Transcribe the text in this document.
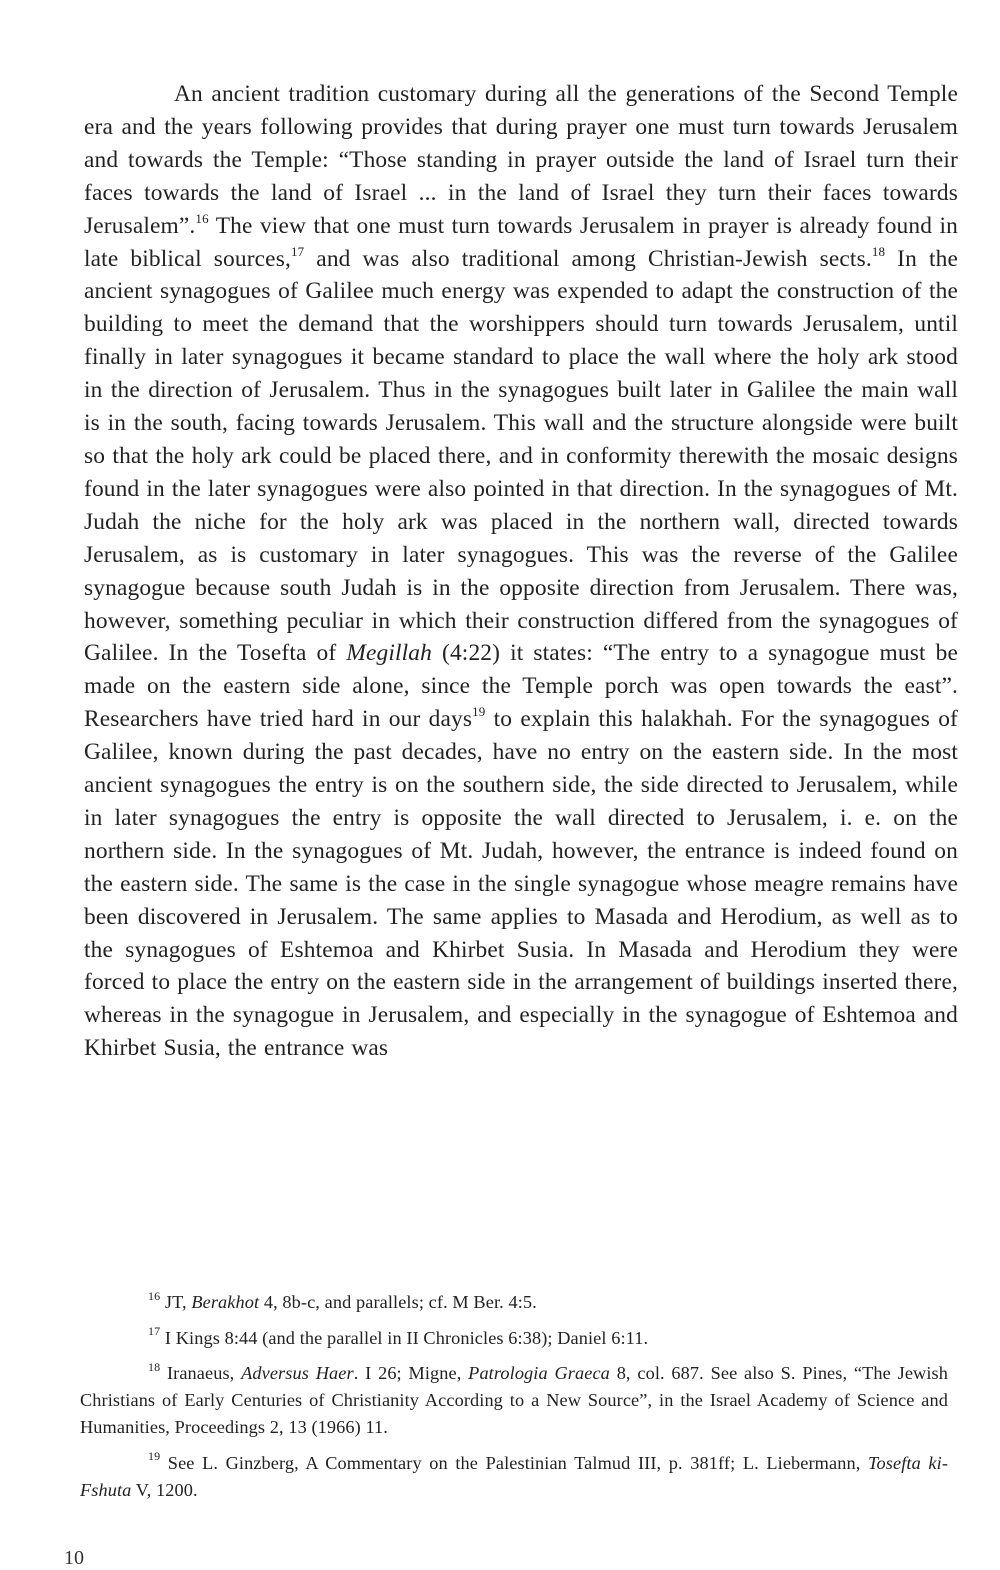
An ancient tradition customary during all the generations of the Second Temple era and the years following provides that during prayer one must turn towards Jerusalem and towards the Temple: “Those standing in prayer outside the land of Israel turn their faces towards the land of Israel ... in the land of Israel they turn their faces towards Jerusalem”.$^{16}$ The view that one must turn towards Jerusalem in prayer is already found in late biblical sources,$^{17}$ and was also traditional among Christian-Jewish sects.$^{18}$ In the ancient synagogues of Galilee much energy was expended to adapt the construction of the building to meet the demand that the worshippers should turn towards Jerusalem, until finally in later synagogues it became standard to place the wall where the holy ark stood in the direction of Jerusalem. Thus in the synagogues built later in Galilee the main wall is in the south, facing towards Jerusalem. This wall and the structure alongside were built so that the holy ark could be placed there, and in conformity therewith the mosaic designs found in the later synagogues were also pointed in that direction. In the synagogues of Mt. Judah the niche for the holy ark was placed in the northern wall, directed towards Jerusalem, as is customary in later synagogues. This was the reverse of the Galilee synagogue because south Judah is in the opposite direction from Jerusalem. There was, however, something peculiar in which their construction differed from the synagogues of Galilee. In the Tosefta of Megillah (4:22) it states: “The entry to a synagogue must be made on the eastern side alone, since the Temple porch was open towards the east”. Researchers have tried hard in our days$^{19}$ to explain this halakhah. For the synagogues of Galilee, known during the past decades, have no entry on the eastern side. In the most ancient synagogues the entry is on the southern side, the side directed to Jerusalem, while in later synagogues the entry is opposite the wall directed to Jerusalem, i. e. on the northern side. In the synagogues of Mt. Judah, however, the entrance is indeed found on the eastern side. The same is the case in the single synagogue whose meagre remains have been discovered in Jerusalem. The same applies to Masada and Herodium, as well as to the synagogues of Eshtemoa and Khirbet Susia. In Masada and Herodium they were forced to place the entry on the eastern side in the arrangement of buildings inserted there, whereas in the synagogue in Jerusalem, and especially in the synagogue of Eshtemoa and Khirbet Susia, the entrance was

$^{16}$ JT, Berakhot 4, 8b-c, and parallels; cf. M Ber. 4:5.

$^{17}$ I Kings 8:44 (and the parallel in II Chronicles 6:38); Daniel 6:11.

$^{18}$ Iranaeus, Adversus Haer. I 26; Migne, Patrologia Graeca 8, col. 687. See also S. Pines, “The Jewish Christians of Early Centuries of Christianity According to a New Source”, in the Israel Academy of Science and Humanities, Proceedings 2, 13 (1966) 11.

$^{19}$ See L. Ginzberg, A Commentary on the Palestinian Talmud III, p. 381ff; L. Liebermann, Tosefta ki-Fshuta V, 1200.

10
